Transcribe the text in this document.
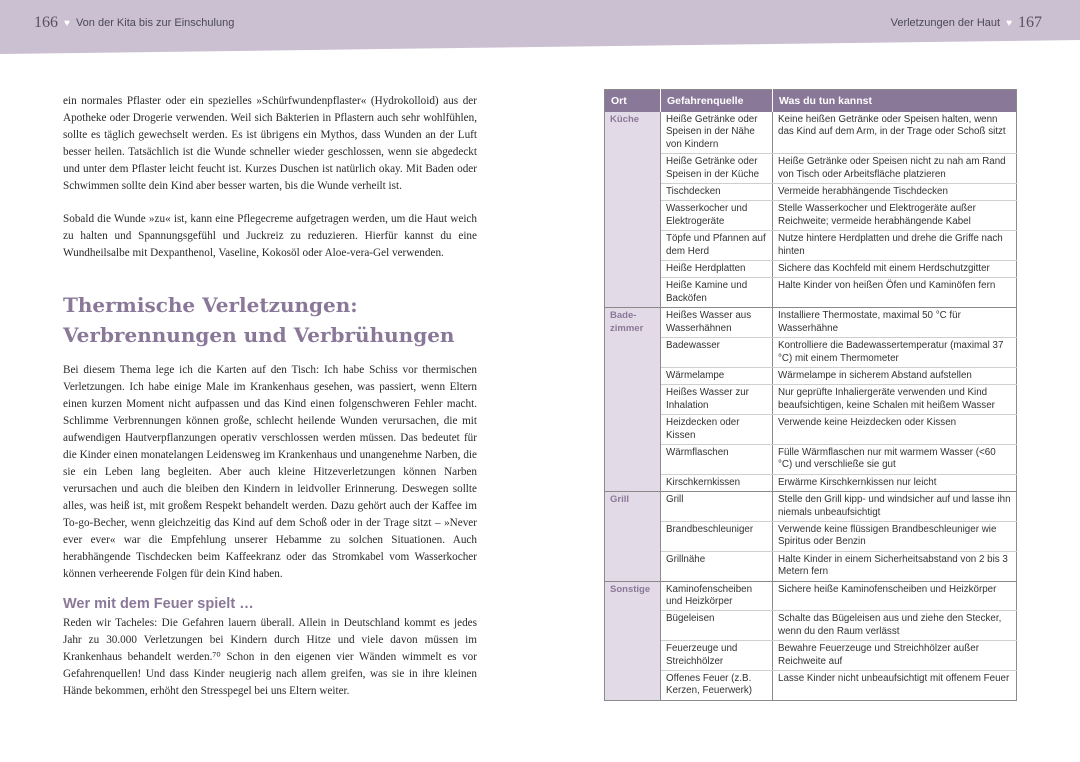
166 ♥ Von der Kita bis zur Einschulung	Verletzungen der Haut ♥ 167

ein normales Pflaster oder ein spezielles »Schürfwundenpflaster« (Hydrokolloid) aus der Apotheke oder Drogerie verwenden. Weil sich Bakterien in Pflastern auch sehr wohlfühlen, sollte es täglich gewechselt werden. Es ist übrigens ein Mythos, dass Wunden an der Luft besser heilen. Tatsächlich ist die Wunde schneller wieder geschlossen, wenn sie abgedeckt und unter dem Pflaster leicht feucht ist. Kurzes Duschen ist natürlich okay. Mit Baden oder Schwimmen sollte dein Kind aber besser warten, bis die Wunde verheilt ist.

Sobald die Wunde »zu« ist, kann eine Pflegecreme aufgetragen werden, um die Haut weich zu halten und Spannungsgefühl und Juckreiz zu reduzieren. Hierfür kannst du eine Wundheilsalbe mit Dexpanthenol, Vaseline, Kokosöl oder Aloe-vera-Gel verwenden.

Thermische Verletzungen:
Verbrennungen und Verbrühungen

Bei diesem Thema lege ich die Karten auf den Tisch: Ich habe Schiss vor thermischen Verletzungen. Ich habe einige Male im Krankenhaus gesehen, was passiert, wenn Eltern einen kurzen Moment nicht aufpassen und das Kind einen folgenschweren Fehler macht. Schlimme Verbrennungen können große, schlecht heilende Wunden verursachen, die mit aufwendigen Hautverpflanzungen operativ verschlossen werden müssen. Das bedeutet für die Kinder einen monatelangen Leidensweg im Krankenhaus und unangenehme Narben, die sie ein Leben lang begleiten. Aber auch kleine Hitzeverletzungen können Narben verursachen und auch die bleiben den Kindern in leidvoller Erinnerung. Deswegen sollte alles, was heiß ist, mit großem Respekt behandelt werden. Dazu gehört auch der Kaffee im To-go-Becher, wenn gleichzeitig das Kind auf dem Schoß oder in der Trage sitzt – »Never ever ever« war die Empfehlung unserer Hebamme zu solchen Situationen. Auch herabhängende Tischdecken beim Kaffeekranz oder das Stromkabel vom Wasserkocher können verheerende Folgen für dein Kind haben.

Wer mit dem Feuer spielt …

Reden wir Tacheles: Die Gefahren lauern überall. Allein in Deutschland kommt es jedes Jahr zu 30.000 Verletzungen bei Kindern durch Hitze und viele davon müssen im Krankenhaus behandelt werden.⁷⁰ Schon in den eigenen vier Wänden wimmelt es vor Gefahrenquellen! Und dass Kinder neugierig nach allem greifen, was sie in ihre kleinen Hände bekommen, erhöht den Stresspegel bei uns Eltern weiter.

Ort	Gefahrenquelle	Was du tun kannst
Küche	Heiße Getränke oder Speisen in der Nähe von Kindern	Keine heißen Getränke oder Speisen halten, wenn das Kind auf dem Arm, in der Trage oder Schoß sitzt
	Heiße Getränke oder Speisen in der Küche	Heiße Getränke oder Speisen nicht zu nah am Rand von Tisch oder Arbeitsfläche platzieren
	Tischdecken	Vermeide herabhängende Tischdecken
	Wasserkocher und Elektrogeräte	Stelle Wasserkocher und Elektrogeräte außer Reichweite; vermeide herabhängende Kabel
	Töpfe und Pfannen auf dem Herd	Nutze hintere Herdplatten und drehe die Griffe nach hinten
	Heiße Herdplatten	Sichere das Kochfeld mit einem Herdschutzgitter
	Heiße Kamine und Backöfen	Halte Kinder von heißen Öfen und Kaminöfen fern
Bade-zimmer	Heißes Wasser aus Wasserhähnen	Installiere Thermostate, maximal 50 °C für Wasserhähne
	Badewasser	Kontrolliere die Badewassertemperatur (maximal 37 °C) mit einem Thermometer
	Wärmelampe	Wärmelampe in sicherem Abstand aufstellen
	Heißes Wasser zur Inhalation	Nur geprüfte Inhaliergeräte verwenden und Kind beaufsichtigen, keine Schalen mit heißem Wasser
	Heizdecken oder Kissen	Verwende keine Heizdecken oder Kissen
	Wärmflaschen	Fülle Wärmflaschen nur mit warmem Wasser (<60 °C) und verschließe sie gut
	Kirschkernkissen	Erwärme Kirschkernkissen nur leicht
Grill	Grill	Stelle den Grill kipp- und windsicher auf und lasse ihn niemals unbeaufsichtigt
	Brandbeschleuniger	Verwende keine flüssigen Brandbeschleuniger wie Spiritus oder Benzin
	Grillnähe	Halte Kinder in einem Sicherheitsabstand von 2 bis 3 Metern fern
Sonstige	Kaminofenscheiben und Heizkörper	Sichere heiße Kaminofenscheiben und Heizkörper
	Bügeleisen	Schalte das Bügeleisen aus und ziehe den Stecker, wenn du den Raum verlässt
	Feuerzeuge und Streichhölzer	Bewahre Feuerzeuge und Streichhölzer außer Reichweite auf
	Offenes Feuer (z.B. Kerzen, Feuerwerk)	Lasse Kinder nicht unbeaufsichtigt mit offenem Feuer
